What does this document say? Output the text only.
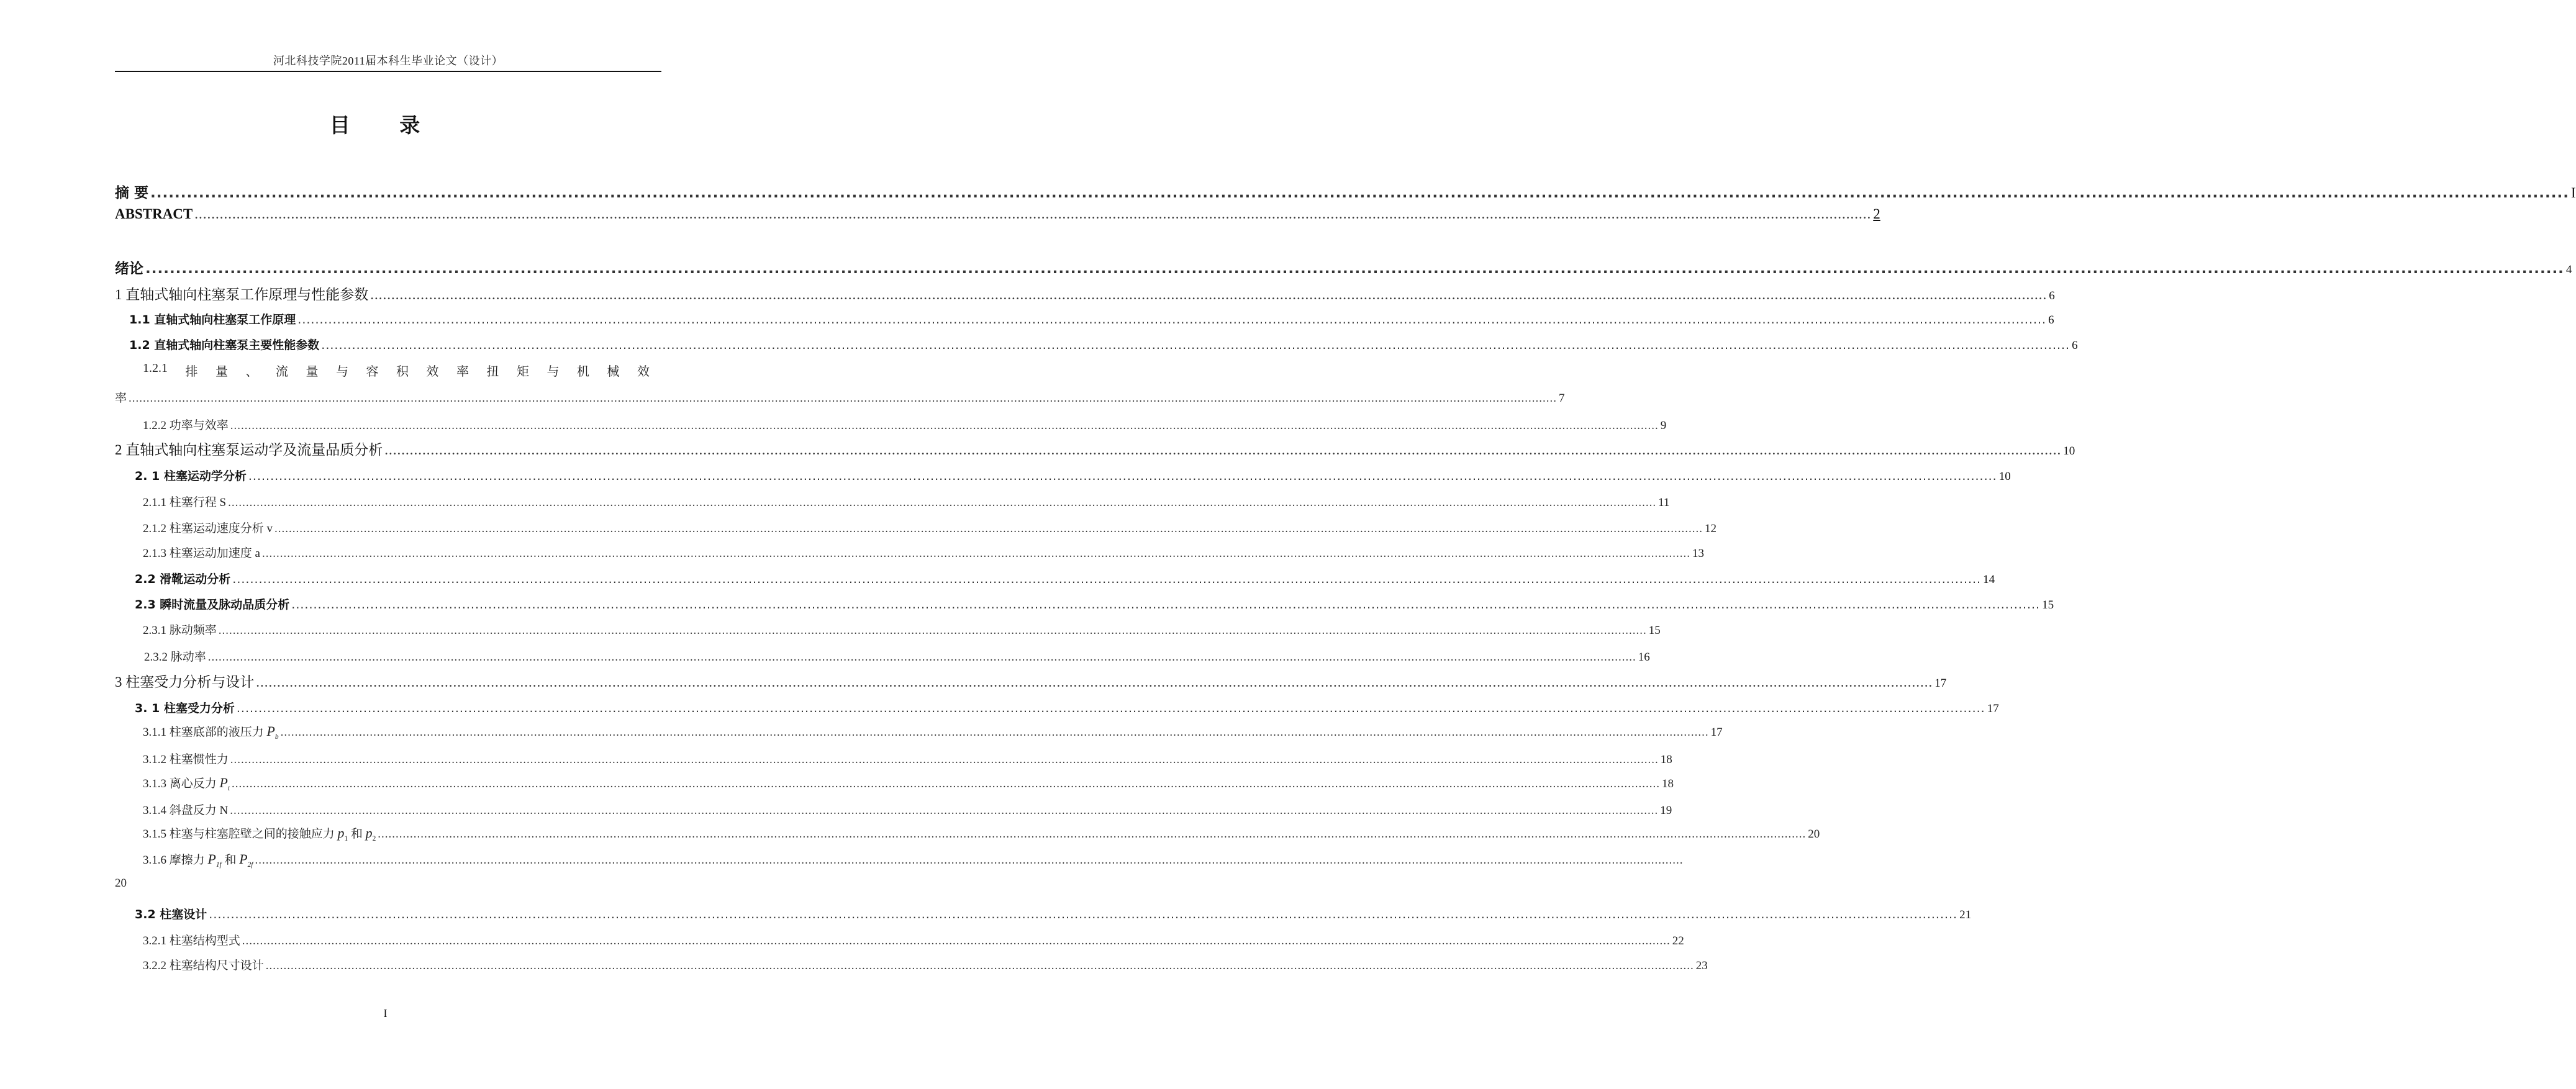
河北科技学院2011届本科生毕业论文（设计）
目 录
摘 要 ................................................................................................................................................................................................................................................................................................................................................................................................................ I
ABSTRACT ................................................................................................................................................................................................................................................................................................................................................................................................................ 2
绪论 ................................................................................................................................................................................................................................................................................................................................................................................................................ 4
1 直轴式轴向柱塞泵工作原理与性能参数 ................................................................................................................................................................................................................................................................................................................................................................................................................ 6
1.1 直轴式轴向柱塞泵工作原理 ................................................................................................................................................................................................................................................................................................................................................................................................................ 6
1.2 直轴式轴向柱塞泵主要性能参数 ................................................................................................................................................................................................................................................................................................................................................................................................................ 6
1.2.1 排 量 、 流 量 与 容 积 效 率 扭 矩 与 机 械 效
率 ................................................................................................................................................................................................................................................................................................................................................................................................................ 7
1.2.2 功率与效率 ................................................................................................................................................................................................................................................................................................................................................................................................................ 9
2 直轴式轴向柱塞泵运动学及流量品质分析 ................................................................................................................................................................................................................................................................................................................................................................................................................ 10
2. 1 柱塞运动学分析 ................................................................................................................................................................................................................................................................................................................................................................................................................ 10
2.1.1 柱塞行程 S ................................................................................................................................................................................................................................................................................................................................................................................................................ 11
2.1.2 柱塞运动速度分析 v ................................................................................................................................................................................................................................................................................................................................................................................................................ 12
2.1.3 柱塞运动加速度 a ................................................................................................................................................................................................................................................................................................................................................................................................................ 13
2.2 滑靴运动分析 ................................................................................................................................................................................................................................................................................................................................................................................................................ 14
2.3 瞬时流量及脉动品质分析 ................................................................................................................................................................................................................................................................................................................................................................................................................ 15
2.3.1 脉动频率 ................................................................................................................................................................................................................................................................................................................................................................................................................ 15
2.3.2 脉动率 ................................................................................................................................................................................................................................................................................................................................................................................................................ 16
3 柱塞受力分析与设计 ................................................................................................................................................................................................................................................................................................................................................................................................................ 17
3. 1 柱塞受力分析 ................................................................................................................................................................................................................................................................................................................................................................................................................ 17
3.1.1 柱塞底部的液压力 $P_b$ ................................................................................................................................................................................................................................................................................................................................................................................................................ 17
3.1.2 柱塞惯性力 ................................................................................................................................................................................................................................................................................................................................................................................................................ 18
3.1.3 离心反力 $P_t$ ................................................................................................................................................................................................................................................................................................................................................................................................................ 18
3.1.4 斜盘反力 N ................................................................................................................................................................................................................................................................................................................................................................................................................ 19
3.1.5 柱塞与柱塞腔壁之间的接触应力 $p_1$ 和 $p_2$ ................................................................................................................................................................................................................................................................................................................................................................................................................ 20
3.1.6 摩擦力 $P_{1f}$ 和 $P_{2f}$ ................................................................................................................................................................................................................................................................................................................................................................................................................
20
3.2 柱塞设计 ................................................................................................................................................................................................................................................................................................................................................................................................................ 21
3.2.1 柱塞结构型式 ................................................................................................................................................................................................................................................................................................................................................................................................................ 22
3.2.2 柱塞结构尺寸设计 ................................................................................................................................................................................................................................................................................................................................................................................................................ 23
I
